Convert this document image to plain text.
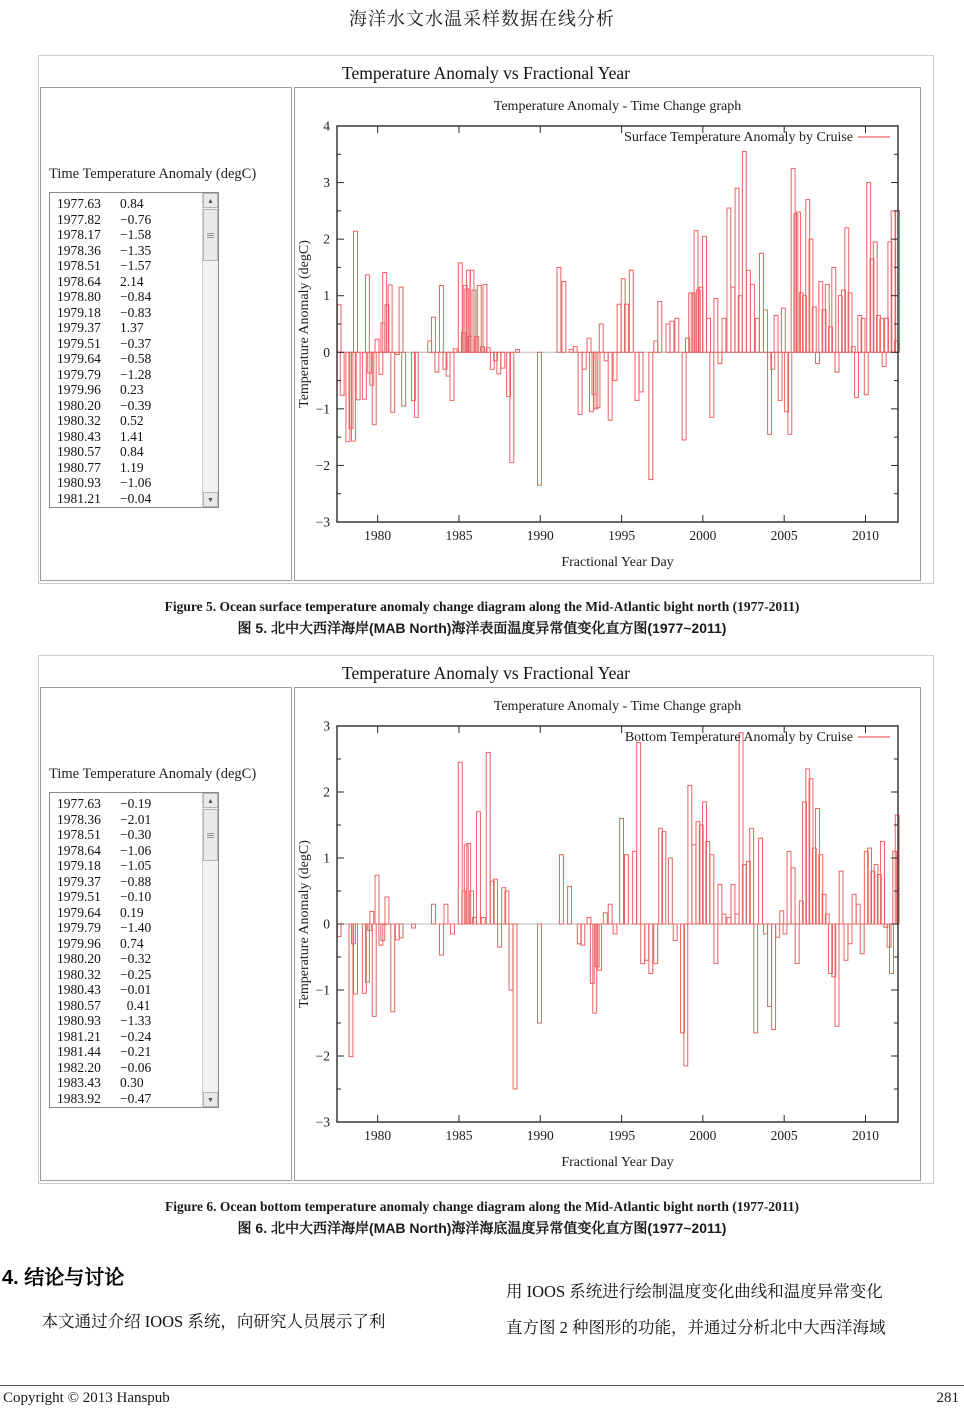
海洋水文水温采样数据在线分析
Temperature Anomaly vs Fractional Year
Time Temperature Anomaly (degC)
1977.63	0.84
1977.82	−0.76
1978.17	−1.58
1978.36	−1.35
1978.51	−1.57
1978.64	2.14
1978.80	−0.84
1979.18	−0.83
1979.37	1.37
1979.51	−0.37
1979.64	−0.58
1979.79	−1.28
1979.96	0.23
1980.20	−0.39
1980.32	0.52
1980.43	1.41
1980.57	0.84
1980.77	1.19
1980.93	−1.06
1981.21	−0.04
▲
▼
1980	1985	1990	1995	2000	2005	2010
−3
−2
−1
0
1
2
3
4
Temperature Anomaly - Time Change graph
Fractional Year Day
Temperature Anomaly (degC)
Surface Temperature Anomaly by Cruise
Figure 5. Ocean surface temperature anomaly change diagram along the Mid-Atlantic bight north (1977-2011)
图 5. 北中大西洋海岸(MAB North)海洋表面温度异常值变化直方图(1977~2011)
Temperature Anomaly vs Fractional Year
Time Temperature Anomaly (degC)
1977.63	−0.19
1978.36	−2.01
1978.51	−0.30
1978.64	−1.06
1979.18	−1.05
1979.37	−0.88
1979.51	−0.10
1979.64	0.19
1979.79	−1.40
1979.96	0.74
1980.20	−0.32
1980.32	−0.25
1980.43	−0.01
1980.57	0.41
1980.93	−1.33
1981.21	−0.24
1981.44	−0.21
1982.20	−0.06
1983.43	0.30
1983.92	−0.47
▲
▼
1980	1985	1990	1995	2000	2005	2010
−3
−2
−1
0
1
2
3
Temperature Anomaly - Time Change graph
Fractional Year Day
Temperature Anomaly (degC)
Bottom Temperature Anomaly by Cruise
Figure 6. Ocean bottom temperature anomaly change diagram along the Mid-Atlantic bight north (1977-2011)
图 6. 北中大西洋海岸(MAB North)海洋海底温度异常值变化直方图(1977~2011)
4. 结论与讨论

本文通过介绍 IOOS 系统，向研究人员展示了利

用 IOOS 系统进行绘制温度变化曲线和温度异常变化

直方图 2 种图形的功能，并通过分析北中大西洋海域

Copyright © 2013 Hanspub	281
